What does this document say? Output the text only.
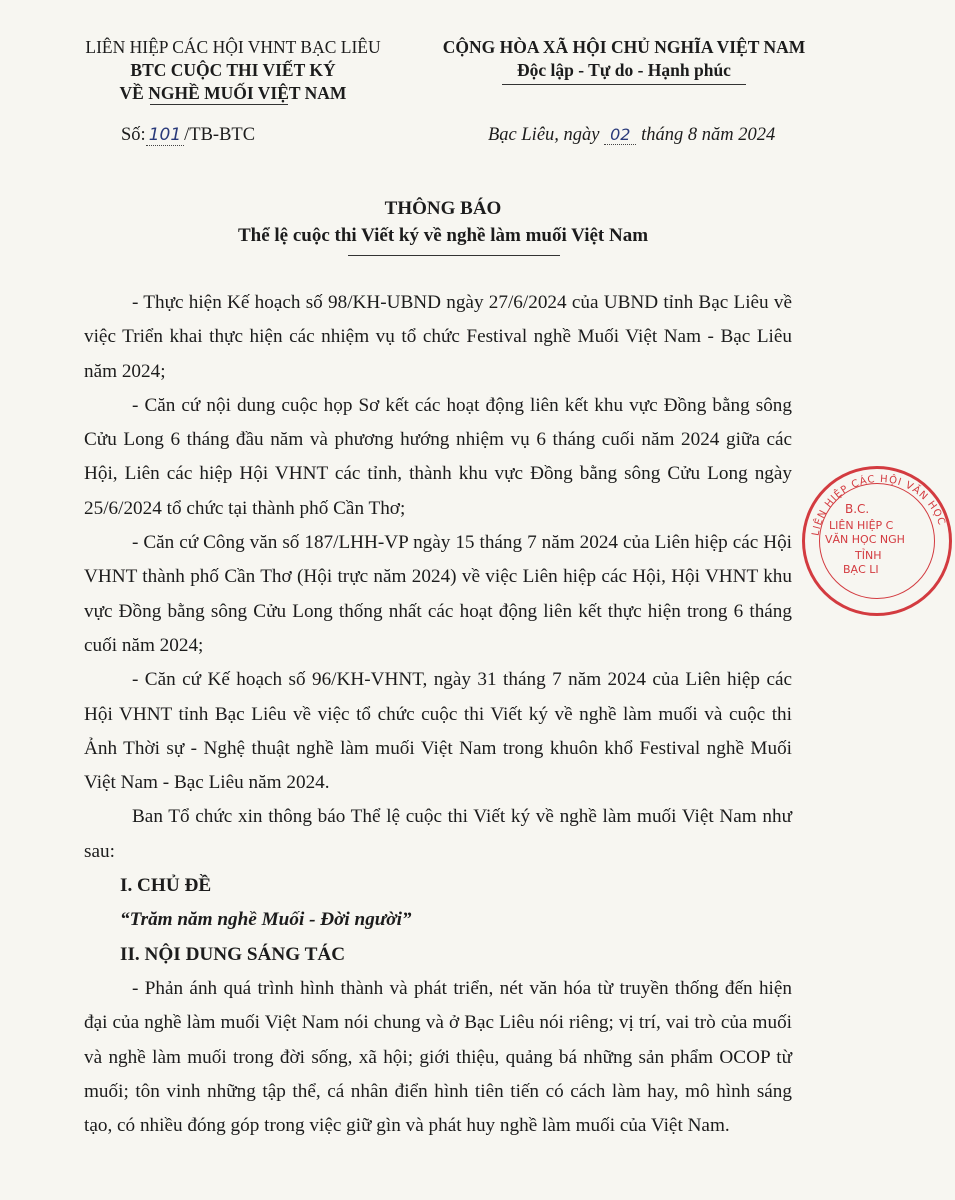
LIÊN HIỆP CÁC HỘI VHNT BẠC LIÊU
BTC CUỘC THI VIẾT KÝ
VỀ NGHỀ MUỐI VIỆT NAM
CỘNG HÒA XÃ HỘI CHỦ NGHĨA VIỆT NAM
Độc lập - Tự do - Hạnh phúc
Số: 101 /TB-BTC	Bạc Liêu, ngày 02 tháng 8 năm 2024
THÔNG BÁO
Thể lệ cuộc thi Viết ký về nghề làm muối Việt Nam

- Thực hiện Kế hoạch số 98/KH-UBND ngày 27/6/2024 của UBND tỉnh Bạc Liêu về việc Triển khai thực hiện các nhiệm vụ tổ chức Festival nghề Muối Việt Nam - Bạc Liêu năm 2024;

- Căn cứ nội dung cuộc họp Sơ kết các hoạt động liên kết khu vực Đồng bằng sông Cửu Long 6 tháng đầu năm và phương hướng nhiệm vụ 6 tháng cuối năm 2024 giữa các Hội, Liên các hiệp Hội VHNT các tỉnh, thành khu vực Đồng bằng sông Cửu Long ngày 25/6/2024 tổ chức tại thành phố Cần Thơ;

- Căn cứ Công văn số 187/LHH-VP ngày 15 tháng 7 năm 2024 của Liên hiệp các Hội VHNT thành phố Cần Thơ (Hội trực năm 2024) về việc Liên hiệp các Hội, Hội VHNT khu vực Đồng bằng sông Cửu Long thống nhất các hoạt động liên kết thực hiện trong 6 tháng cuối năm 2024;

- Căn cứ Kế hoạch số 96/KH-VHNT, ngày 31 tháng 7 năm 2024 của Liên hiệp các Hội VHNT tỉnh Bạc Liêu về việc tổ chức cuộc thi Viết ký về nghề làm muối và cuộc thi Ảnh Thời sự - Nghệ thuật nghề làm muối Việt Nam trong khuôn khổ Festival nghề Muối Việt Nam - Bạc Liêu năm 2024.

Ban Tổ chức xin thông báo Thể lệ cuộc thi Viết ký về nghề làm muối Việt Nam như sau:

I. CHỦ ĐỀ

“Trăm năm nghề Muối - Đời người”

II. NỘI DUNG SÁNG TÁC

- Phản ánh quá trình hình thành và phát triển, nét văn hóa từ truyền thống đến hiện đại của nghề làm muối Việt Nam nói chung và ở Bạc Liêu nói riêng; vị trí, vai trò của muối và nghề làm muối trong đời sống, xã hội; giới thiệu, quảng bá những sản phẩm OCOP từ muối; tôn vinh những tập thể, cá nhân điển hình tiên tiến có cách làm hay, mô hình sáng tạo, có nhiều đóng góp trong việc giữ gìn và phát huy nghề làm muối của Việt Nam.

LIÊN HIỆP CÁC HỘI VĂN HỌC
B.C.
LIÊN HIỆP C
VĂN HỌC NGH
TỈNH
BẠC LI
